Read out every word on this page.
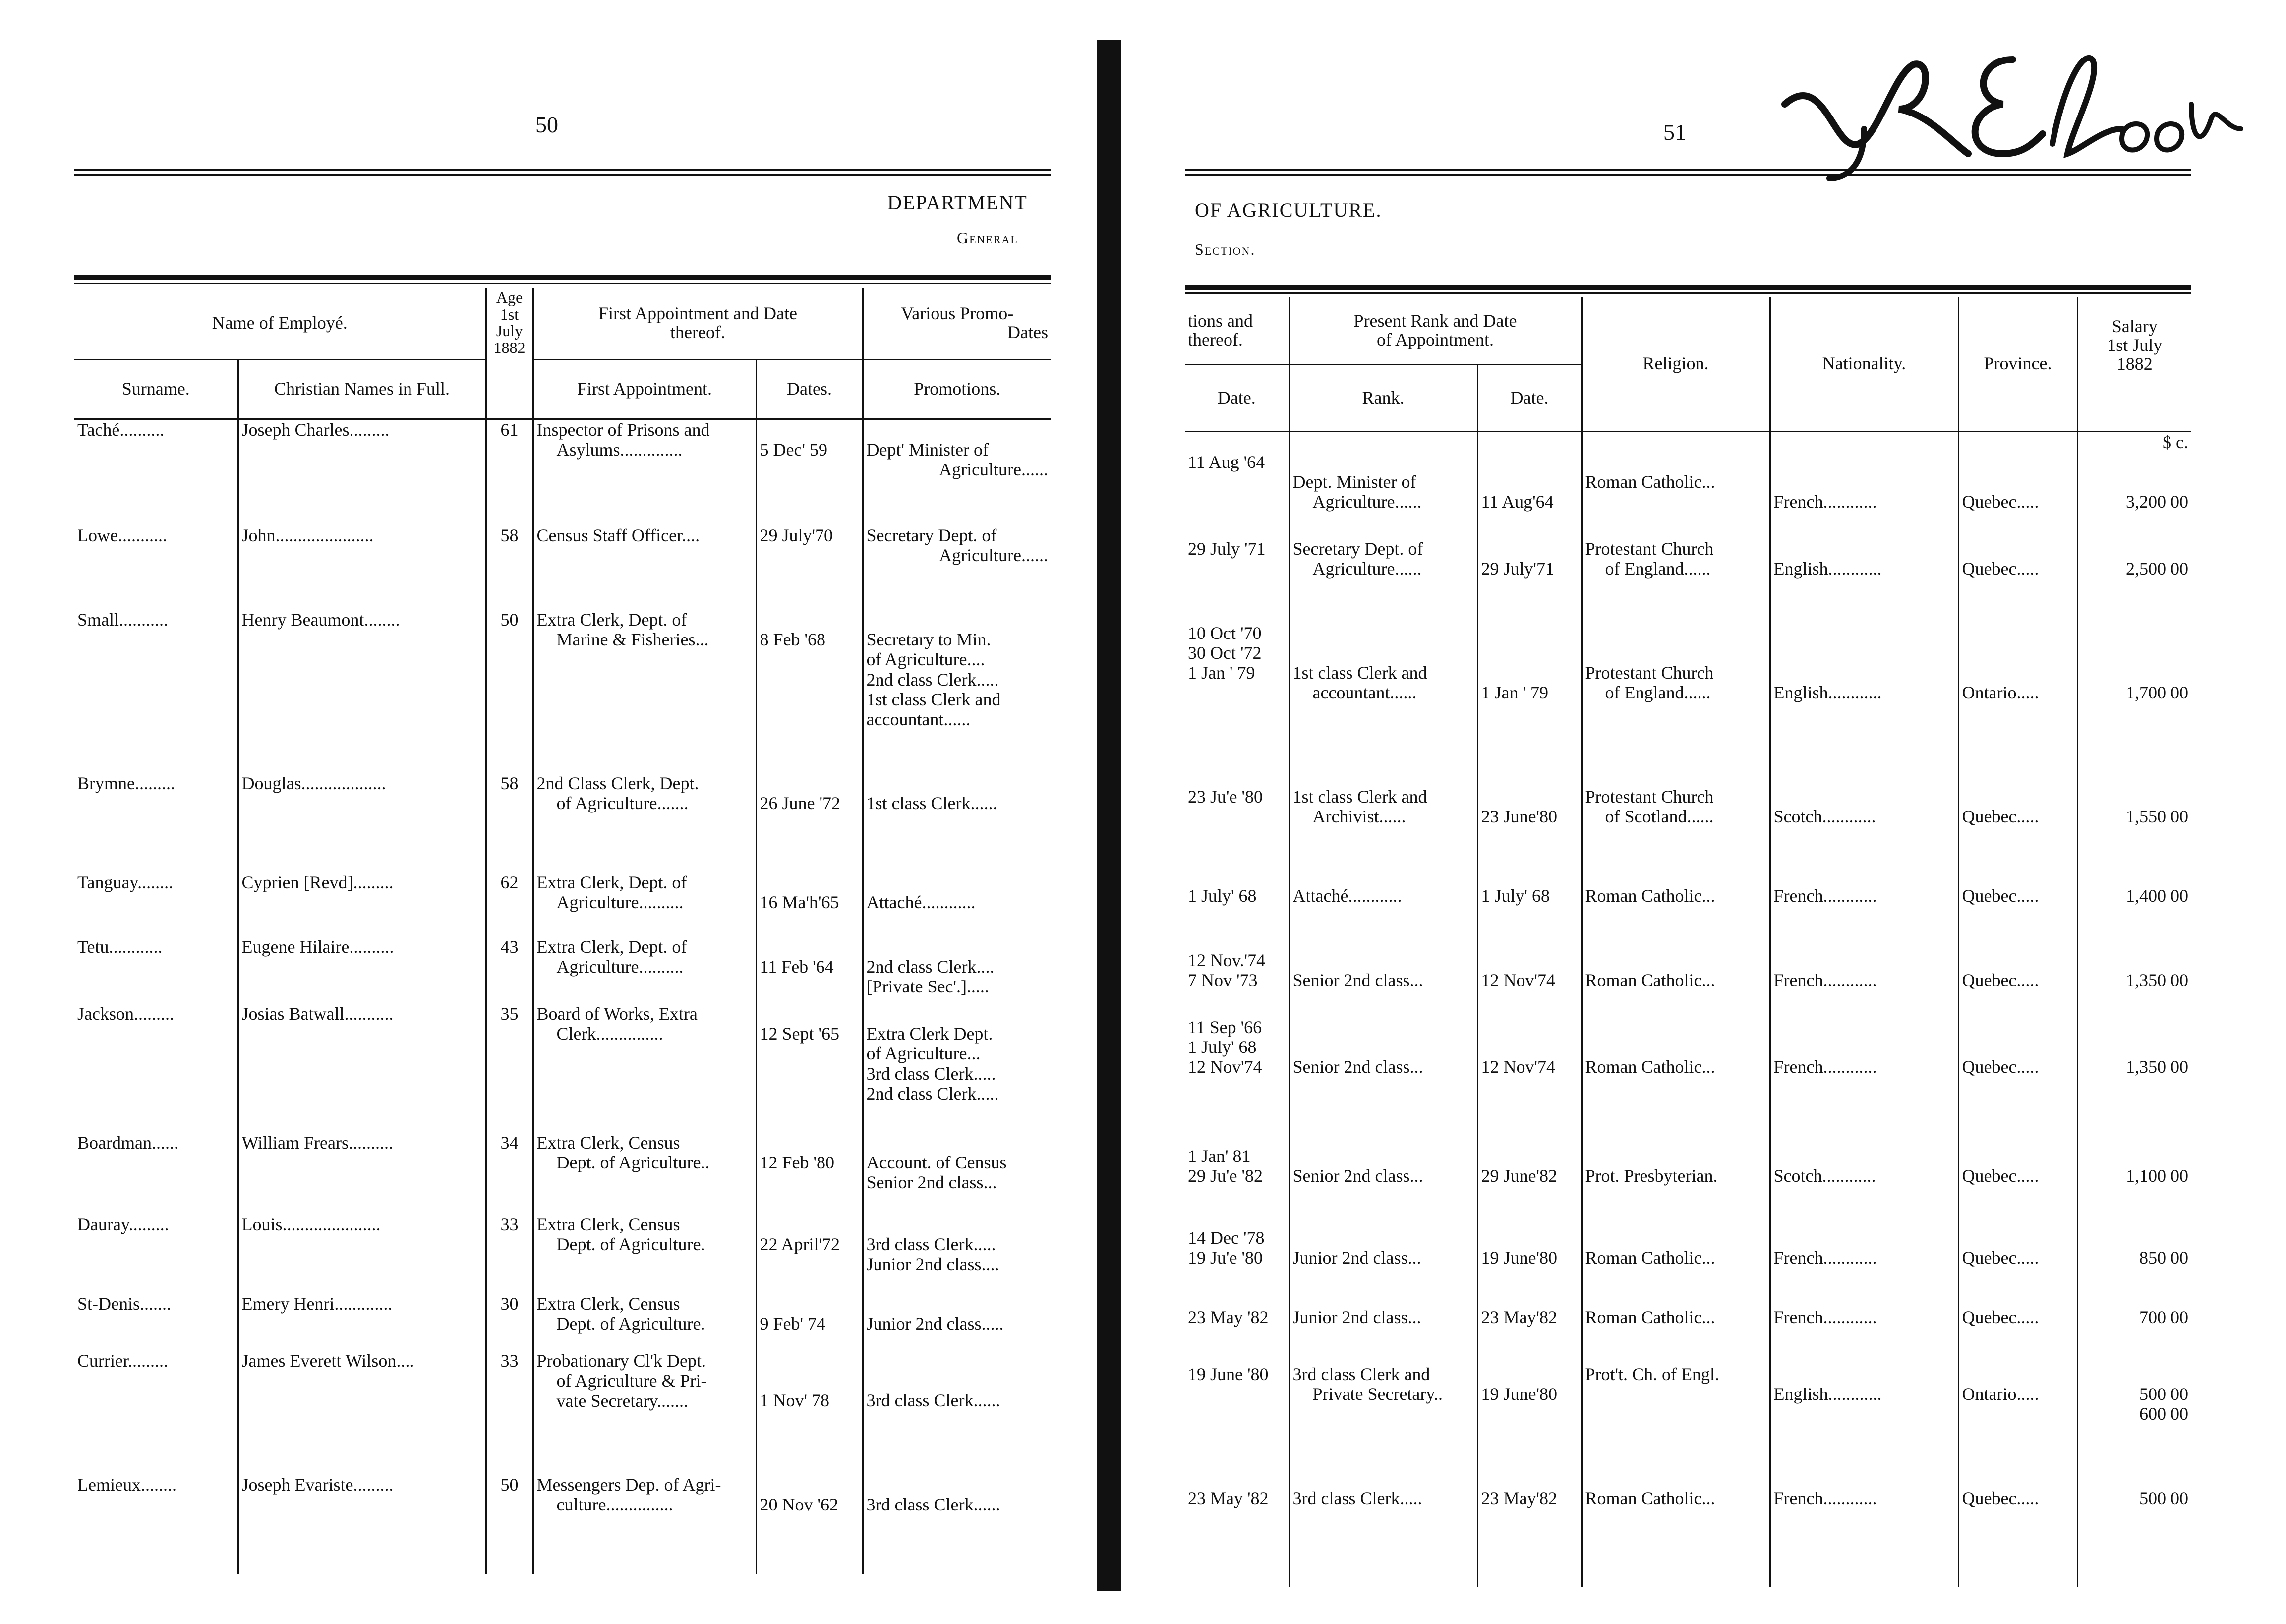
50
DEPARTMENT
General
Name of Employé.		Age
1st
July
1882	First Appointment and Date
thereof.		Various Promo-
Dates

Surname.	Christian Names in Full.		First Appointment.	Dates.	Promotions.

Taché..........	Joseph Charles.........	61	Inspector of Prisons and
Asylums..............	5 Dec' 59	Dept' Minister of
Agriculture......

Lowe...........	John......................	58	Census Staff Officer....	29 July'70	Secretary Dept. of
Agriculture......

Small...........	Henry Beaumont........	50	Extra Clerk, Dept. of
Marine & Fisheries...	8 Feb '68	Secretary to Min.
of Agriculture....
2nd class Clerk.....
1st class Clerk and
accountant......

Brymne.........	Douglas...................	58	2nd Class Clerk, Dept.
of Agriculture.......	26 June '72	1st class Clerk......

Tanguay........	Cyprien [Revd].........	62	Extra Clerk, Dept. of
Agriculture..........	16 Ma'h'65	Attaché............

Tetu............	Eugene Hilaire..........	43	Extra Clerk, Dept. of
Agriculture..........	11 Feb '64	2nd class Clerk....
[Private Sec'.].....

Jackson.........	Josias Batwall...........	35	Board of Works, Extra
Clerk...............	12 Sept '65	Extra Clerk Dept.
of Agriculture...
3rd class Clerk.....
2nd class Clerk.....

Boardman......	William Frears..........	34	Extra Clerk, Census
Dept. of Agriculture..	12 Feb '80	Account. of Census
Senior 2nd class...

Dauray.........	Louis......................	33	Extra Clerk, Census
Dept. of Agriculture.	22 April'72	3rd class Clerk.....
Junior 2nd class....

St-Denis.......	Emery Henri.............	30	Extra Clerk, Census
Dept. of Agriculture.	9 Feb' 74	Junior 2nd class.....

Currier.........	James Everett Wilson....	33	Probationary Cl'k Dept.
of Agriculture & Pri-
vate Secretary.......	1 Nov' 78	3rd class Clerk......

Lemieux........	Joseph Evariste.........	50	Messengers Dep. of Agri-
culture...............	20 Nov '62	3rd class Clerk......
51
OF AGRICULTURE.
Section.
tions and
thereof.	Present Rank and Date
of Appointment.		Religion.	Nationality.	Province.	Salary
1st July
1882

Date.	Rank.	Date.				
						$ c.

11 Aug '64	Dept. Minister of
Agriculture......	11 Aug'64	Roman Catholic...	French............	Quebec.....	3,200 00

29 July '71	Secretary Dept. of
Agriculture......	29 July'71	Protestant Church
of England......	English............	Quebec.....	2,500 00

10 Oct '70
30 Oct '72
1 Jan ' 79	1st class Clerk and
accountant......	1 Jan ' 79	Protestant Church
of England......	English............	Ontario.....	1,700 00

23 Ju'e '80	1st class Clerk and
Archivist......	23 June'80	Protestant Church
of Scotland......	Scotch............	Quebec.....	1,550 00

1 July' 68	Attaché............	1 July' 68	Roman Catholic...	French............	Quebec.....	1,400 00

12 Nov.'74
7 Nov '73	Senior 2nd class...	12 Nov'74	Roman Catholic...	French............	Quebec.....	1,350 00

11 Sep '66
1 July' 68
12 Nov'74	Senior 2nd class...	12 Nov'74	Roman Catholic...	French............	Quebec.....	1,350 00

1 Jan' 81
29 Ju'e '82	Senior 2nd class...	29 June'82	Prot. Presbyterian.	Scotch............	Quebec.....	1,100 00

14 Dec '78
19 Ju'e '80	Junior 2nd class...	19 June'80	Roman Catholic...	French............	Quebec.....	850 00

23 May '82	Junior 2nd class...	23 May'82	Roman Catholic...	French............	Quebec.....	700 00

19 June '80	3rd class Clerk and
Private Secretary..	19 June'80	Prot't. Ch. of Engl.	English............	Ontario.....	500 00
600 00

23 May '82	3rd class Clerk.....	23 May'82	Roman Catholic...	French............	Quebec.....	500 00
